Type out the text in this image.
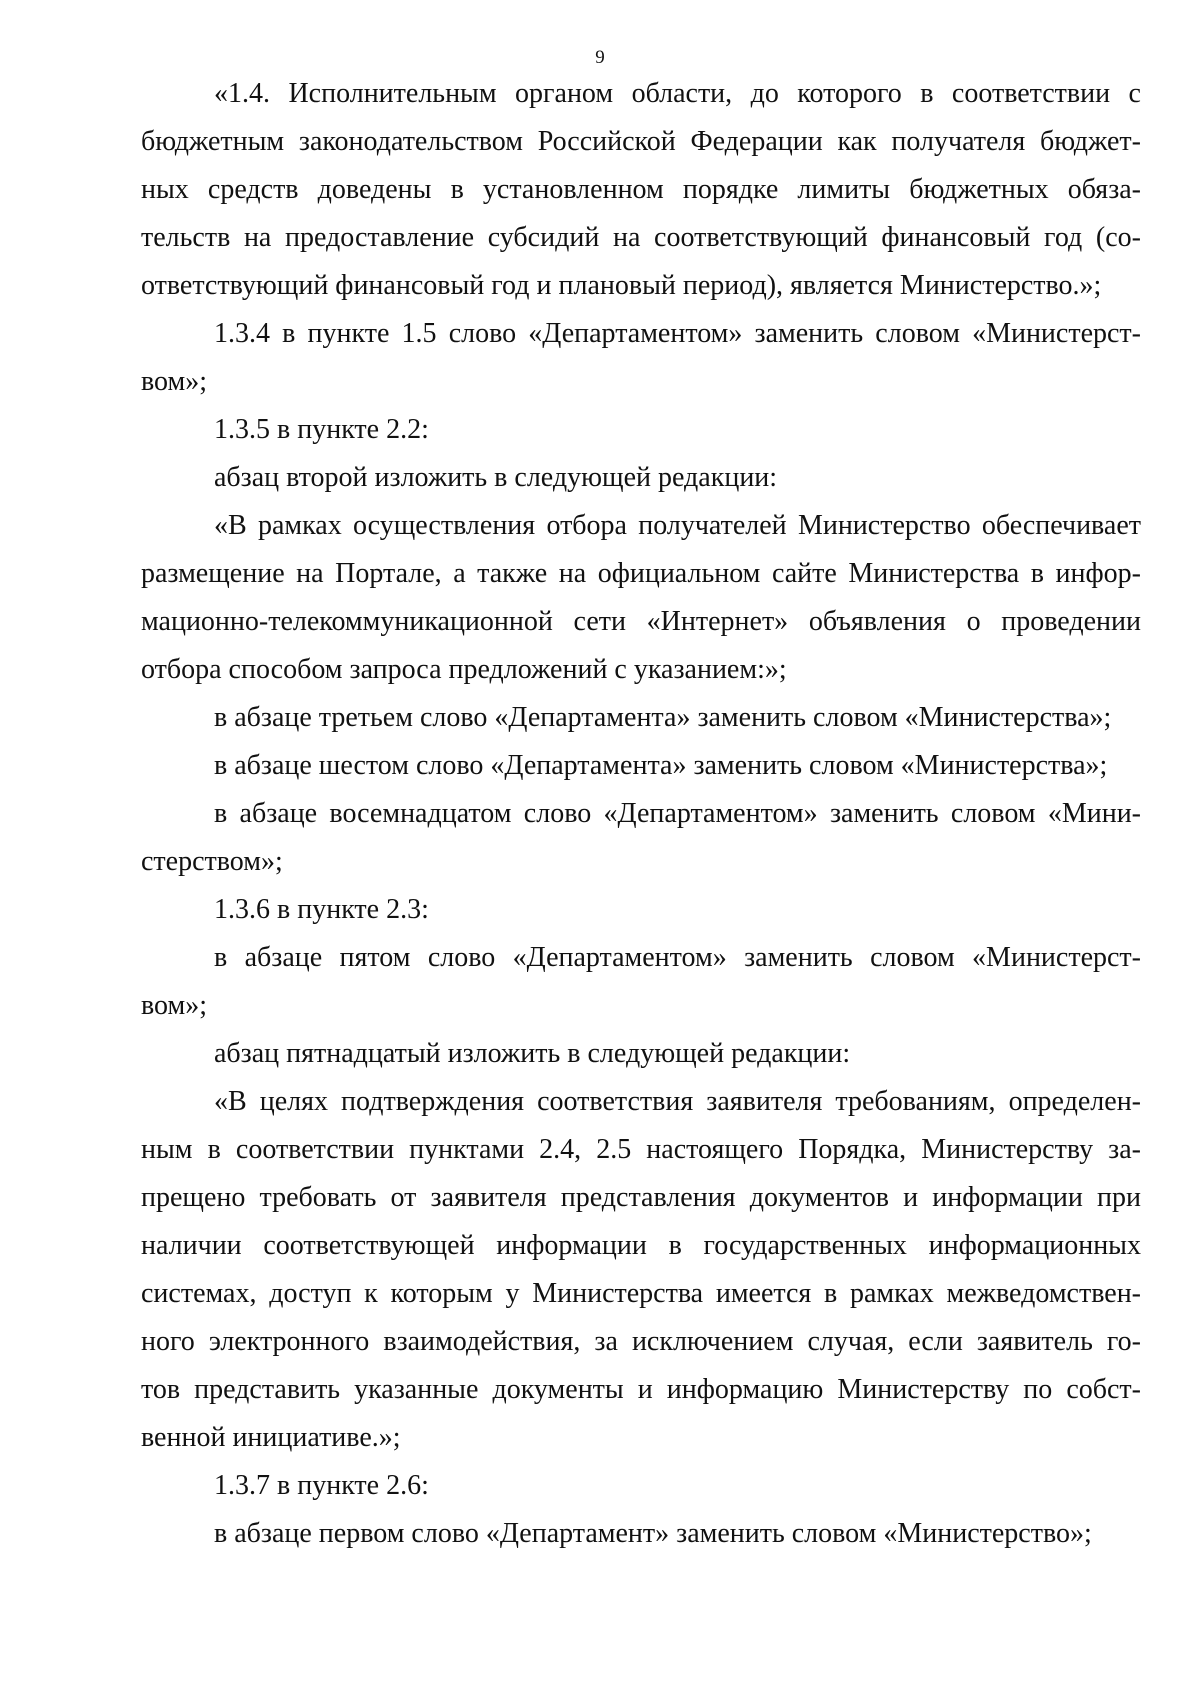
9
«1.4. Исполнительным органом области, до которого в соответствии с
бюджетным законодательством Российской Федерации как получателя бюджет-
ных средств доведены в установленном порядке лимиты бюджетных обяза-
тельств на предоставление субсидий на соответствующий финансовый год (со-
ответствующий финансовый год и плановый период), является Министерство.»;
1.3.4 в пункте 1.5 слово «Департаментом» заменить словом «Министерст-
вом»;
1.3.5 в пункте 2.2:
абзац второй изложить в следующей редакции:
«В рамках осуществления отбора получателей Министерство обеспечивает
размещение на Портале, а также на официальном сайте Министерства в инфор-
мационно-телекоммуникационной сети «Интернет» объявления о проведении
отбора способом запроса предложений с указанием:»;
в абзаце третьем слово «Департамента» заменить словом «Министерства»;
в абзаце шестом слово «Департамента» заменить словом «Министерства»;
в абзаце восемнадцатом слово «Департаментом» заменить словом «Мини-
стерством»;
1.3.6 в пункте 2.3:
в абзаце пятом слово «Департаментом» заменить словом «Министерст-
вом»;
абзац пятнадцатый изложить в следующей редакции:
«В целях подтверждения соответствия заявителя требованиям, определен-
ным в соответствии пунктами 2.4, 2.5 настоящего Порядка, Министерству за-
прещено требовать от заявителя представления документов и информации при
наличии соответствующей информации в государственных информационных
системах, доступ к которым у Министерства имеется в рамках межведомствен-
ного электронного взаимодействия, за исключением случая, если заявитель го-
тов представить указанные документы и информацию Министерству по собст-
венной инициативе.»;
1.3.7 в пункте 2.6:
в абзаце первом слово «Департамент» заменить словом «Министерство»;
